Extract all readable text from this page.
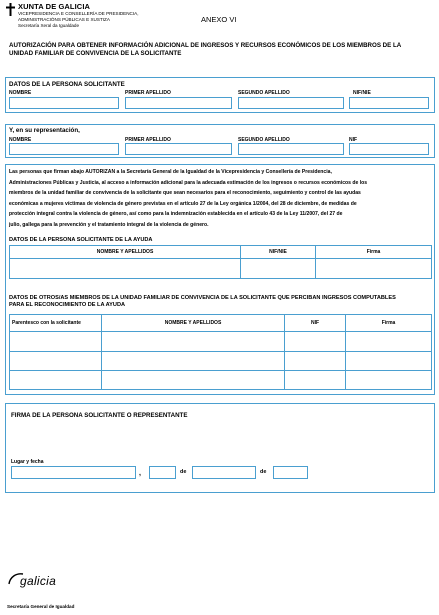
XUNTA DE GALICIA
VICEPRESIDENCIA E CONSELLERÍA DE PRESIDENCIA,
ADMINISTRACIÓNS PÚBLICAS E XUSTIZA
Secretaría Xeral da Igualdade
ANEXO VI
AUTORIZACIÓN PARA OBTENER INFORMACIÓN ADICIONAL DE INGRESOS Y RECURSOS ECONÓMICOS DE LOS MIEMBROS DE LA
UNIDAD FAMILIAR DE CONVIVENCIA DE LA SOLICITANTE
DATOS DE LA PERSONA SOLICITANTE
NOMBRE	PRIMER APELLIDO	SEGUNDO APELLIDO	NIF/NIE
Y, en su representación,
NOMBRE	PRIMER APELLIDO	SEGUNDO APELLIDO	NIF
Las personas que firman abajo AUTORIZAN a la Secretaría General de la Igualdad de la Vicepresidencia y Consellería de Presidencia,
Administraciones Públicas y Justicia, al acceso a información adicional para la adecuada estimación de los ingresos o recursos económicos de los
miembros de la unidad familiar de convivencia de la solicitante que sean necesarios para el reconocimiento, seguimiento y control de las ayudas
económicas a mujeres víctimas de violencia de género previstas en el artículo 27 de la Ley orgánica 1/2004, del 28 de diciembre, de medidas de
protección integral contra la violencia de género, así como para la indemnización establecida en el artículo 43 de la Ley 11/2007, del 27 de
julio, gallega para la prevención y el tratamiento integral de la violencia de género.
DATOS DE LA PERSONA SOLICITANTE DE LA AYUDA
NOMBRE Y APELLIDOS	NIF/NIE	Firma

DATOS DE OTROS/AS MIEMBROS DE LA UNIDAD FAMILIAR DE CONVIVENCIA DE LA SOLICITANTE QUE PERCIBAN INGRESOS COMPUTABLES
PARA EL RECONOCIMIENTO DE LA AYUDA
Parentesco con la solicitante	NOMBRE Y APELLIDOS	NIF	Firma

FIRMA DE LA PERSONA SOLICITANTE O REPRESENTANTE
Lugar y fecha
,	de	de
galicia
Secretaría General de Igualdad
